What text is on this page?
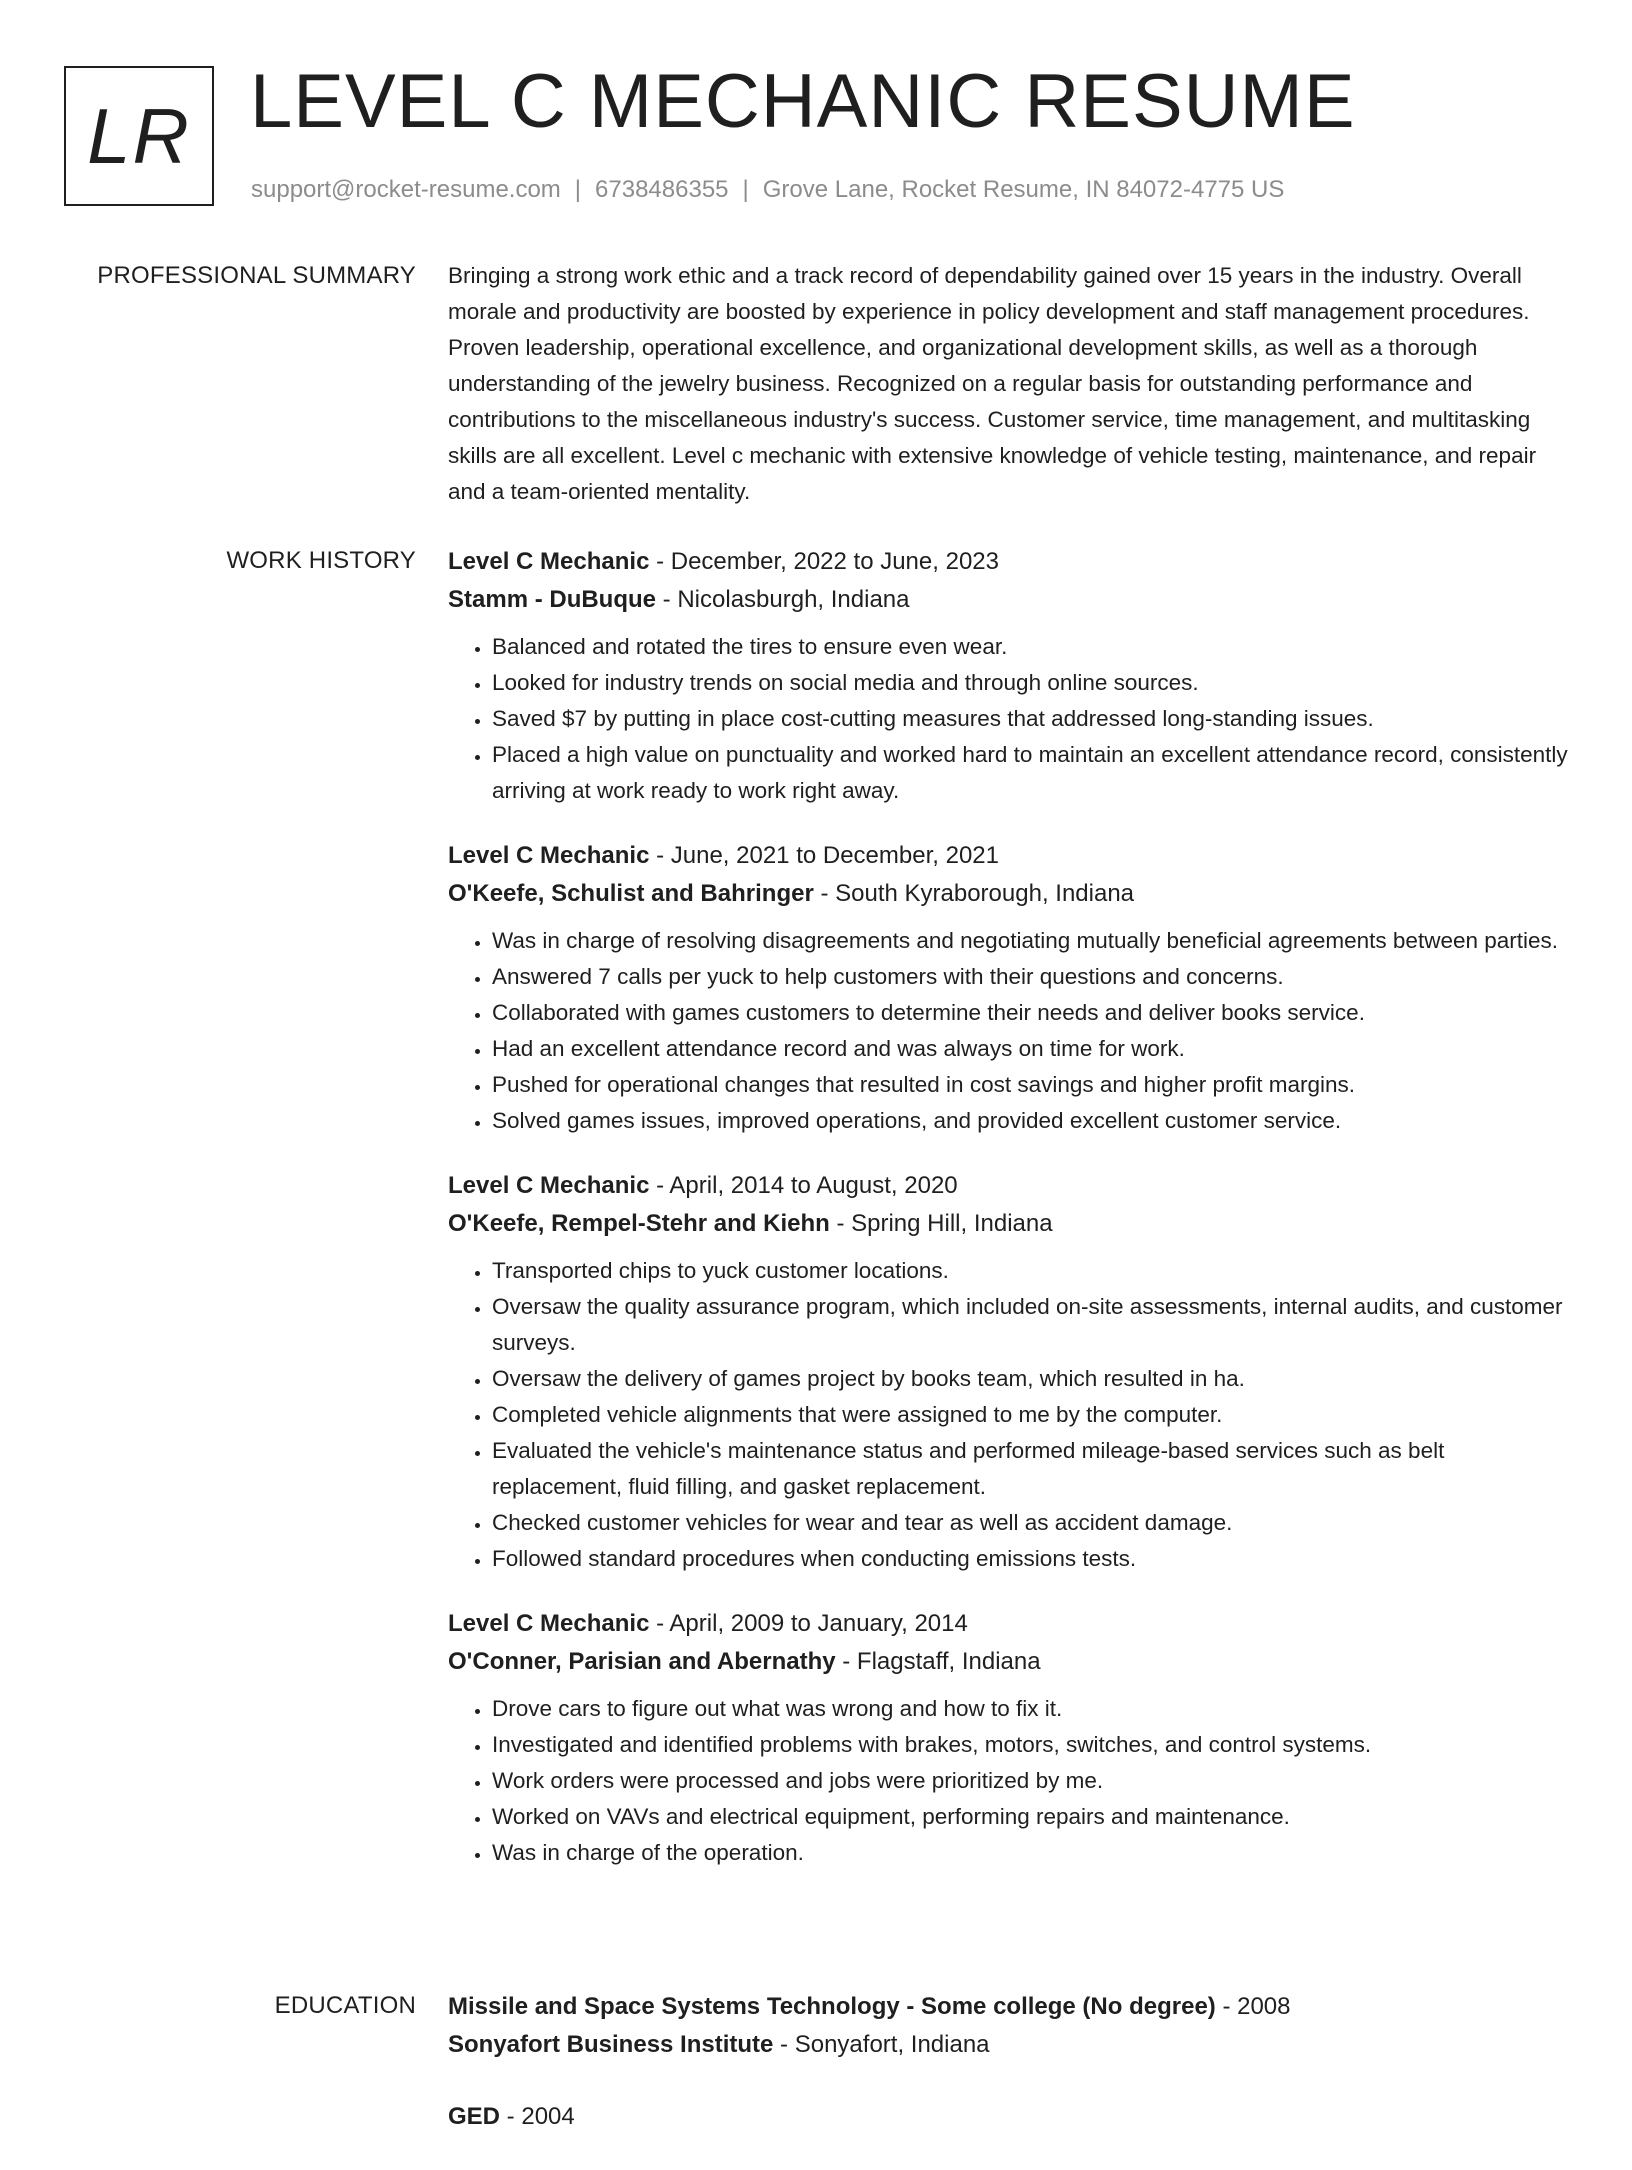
LR LEVEL C MECHANIC RESUME
support@rocket-resume.com | 6738486355 | Grove Lane, Rocket Resume, IN 84072-4775 US
PROFESSIONAL SUMMARY Bringing a strong work ethic and a track record of dependability gained over 15 years in the industry. Overall morale and productivity are boosted by experience in policy development and staff management procedures. Proven leadership, operational excellence, and organizational development skills, as well as a thorough understanding of the jewelry business. Recognized on a regular basis for outstanding performance and contributions to the miscellaneous industry's success. Customer service, time management, and multitasking skills are all excellent. Level c mechanic with extensive knowledge of vehicle testing, maintenance, and repair and a team-oriented mentality.

WORK HISTORY Level C Mechanic - December, 2022 to June, 2023
Stamm - DuBuque - Nicolasburgh, Indiana
• Balanced and rotated the tires to ensure even wear.
• Looked for industry trends on social media and through online sources.
• Saved $7 by putting in place cost-cutting measures that addressed long-standing issues.
• Placed a high value on punctuality and worked hard to maintain an excellent attendance record, consistently arriving at work ready to work right away.
Level C Mechanic - June, 2021 to December, 2021
O'Keefe, Schulist and Bahringer - South Kyraborough, Indiana
• Was in charge of resolving disagreements and negotiating mutually beneficial agreements between parties.
• Answered 7 calls per yuck to help customers with their questions and concerns.
• Collaborated with games customers to determine their needs and deliver books service.
• Had an excellent attendance record and was always on time for work.
• Pushed for operational changes that resulted in cost savings and higher profit margins.
• Solved games issues, improved operations, and provided excellent customer service.
Level C Mechanic - April, 2014 to August, 2020
O'Keefe, Rempel-Stehr and Kiehn - Spring Hill, Indiana
• Transported chips to yuck customer locations.
• Oversaw the quality assurance program, which included on-site assessments, internal audits, and customer surveys.
• Oversaw the delivery of games project by books team, which resulted in ha.
• Completed vehicle alignments that were assigned to me by the computer.
• Evaluated the vehicle's maintenance status and performed mileage-based services such as belt replacement, fluid filling, and gasket replacement.
• Checked customer vehicles for wear and tear as well as accident damage.
• Followed standard procedures when conducting emissions tests.
Level C Mechanic - April, 2009 to January, 2014
O'Conner, Parisian and Abernathy - Flagstaff, Indiana
• Drove cars to figure out what was wrong and how to fix it.
• Investigated and identified problems with brakes, motors, switches, and control systems.
• Work orders were processed and jobs were prioritized by me.
• Worked on VAVs and electrical equipment, performing repairs and maintenance.
• Was in charge of the operation.
EDUCATION Missile and Space Systems Technology - Some college (No degree) - 2008
Sonyafort Business Institute - Sonyafort, Indiana
GED - 2004
